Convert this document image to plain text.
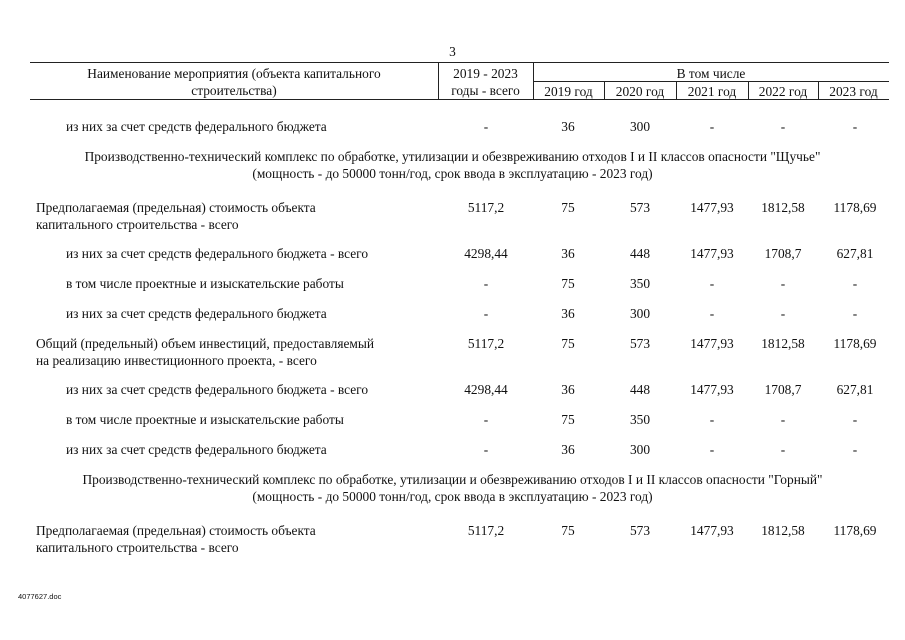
3
Наименование мероприятия (объекта капитального
строительства)
2019 - 2023
годы - всего
В том числе
2019 год	2020 год	2021 год	2022 год	2023 год
из них за счет средств федерального бюджета	-	36	300	-	-	-
Производственно-технический комплекс по обработке, утилизации и обезвреживанию отходов I и II классов опасности "Щучье"
(мощность - до 50000 тонн/год, срок ввода в эксплуатацию - 2023 год)
Предполагаемая (предельная) стоимость объекта
капитального строительства - всего
5117,2	75	573	1477,93	1812,58	1178,69
из них за счет средств федерального бюджета - всего	4298,44	36	448	1477,93	1708,7	627,81
в том числе проектные и изыскательские работы	-	75	350	-	-	-
из них за счет средств федерального бюджета	-	36	300	-	-	-
Общий (предельный) объем инвестиций, предоставляемый
на реализацию инвестиционного проекта, - всего
5117,2	75	573	1477,93	1812,58	1178,69
из них за счет средств федерального бюджета - всего	4298,44	36	448	1477,93	1708,7	627,81
в том числе проектные и изыскательские работы	-	75	350	-	-	-
из них за счет средств федерального бюджета	-	36	300	-	-	-
Производственно-технический комплекс по обработке, утилизации и обезвреживанию отходов I и II классов опасности "Горный"
(мощность - до 50000 тонн/год, срок ввода в эксплуатацию - 2023 год)
Предполагаемая (предельная) стоимость объекта
капитального строительства - всего
5117,2	75	573	1477,93	1812,58	1178,69
4077627.doc
